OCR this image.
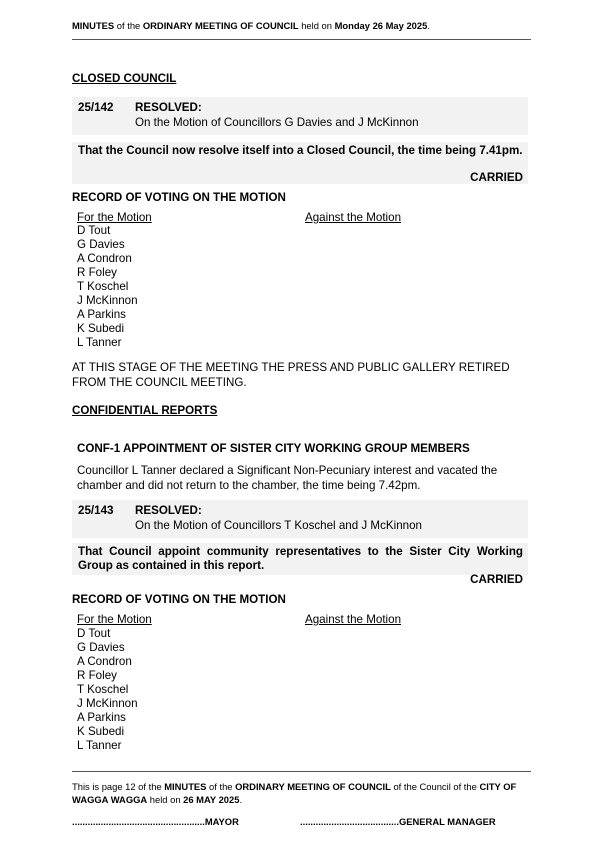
MINUTES of the ORDINARY MEETING OF COUNCIL held on Monday 26 May 2025.
CLOSED COUNCIL
25/142 RESOLVED:
On the Motion of Councillors G Davies and J McKinnon
That the Council now resolve itself into a Closed Council, the time being 7.41pm.
CARRIED
RECORD OF VOTING ON THE MOTION
For the Motion	Against the Motion
D Tout
G Davies
A Condron
R Foley
T Koschel
J McKinnon
A Parkins
K Subedi
L Tanner
AT THIS STAGE OF THE MEETING THE PRESS AND PUBLIC GALLERY RETIRED FROM THE COUNCIL MEETING.
CONFIDENTIAL REPORTS
CONF-1 APPOINTMENT OF SISTER CITY WORKING GROUP MEMBERS
Councillor L Tanner declared a Significant Non-Pecuniary interest and vacated the chamber and did not return to the chamber, the time being 7.42pm.
25/143 RESOLVED:
On the Motion of Councillors T Koschel and J McKinnon
That Council appoint community representatives to the Sister City Working Group as contained in this report.
CARRIED
RECORD OF VOTING ON THE MOTION
For the Motion	Against the Motion
D Tout
G Davies
A Condron
R Foley
T Koschel
J McKinnon
A Parkins
K Subedi
L Tanner
This is page 12 of the MINUTES of the ORDINARY MEETING OF COUNCIL of the Council of the CITY OF WAGGA WAGGA held on 26 MAY 2025.
...................................................MAYOR	......................................GENERAL MANAGER
